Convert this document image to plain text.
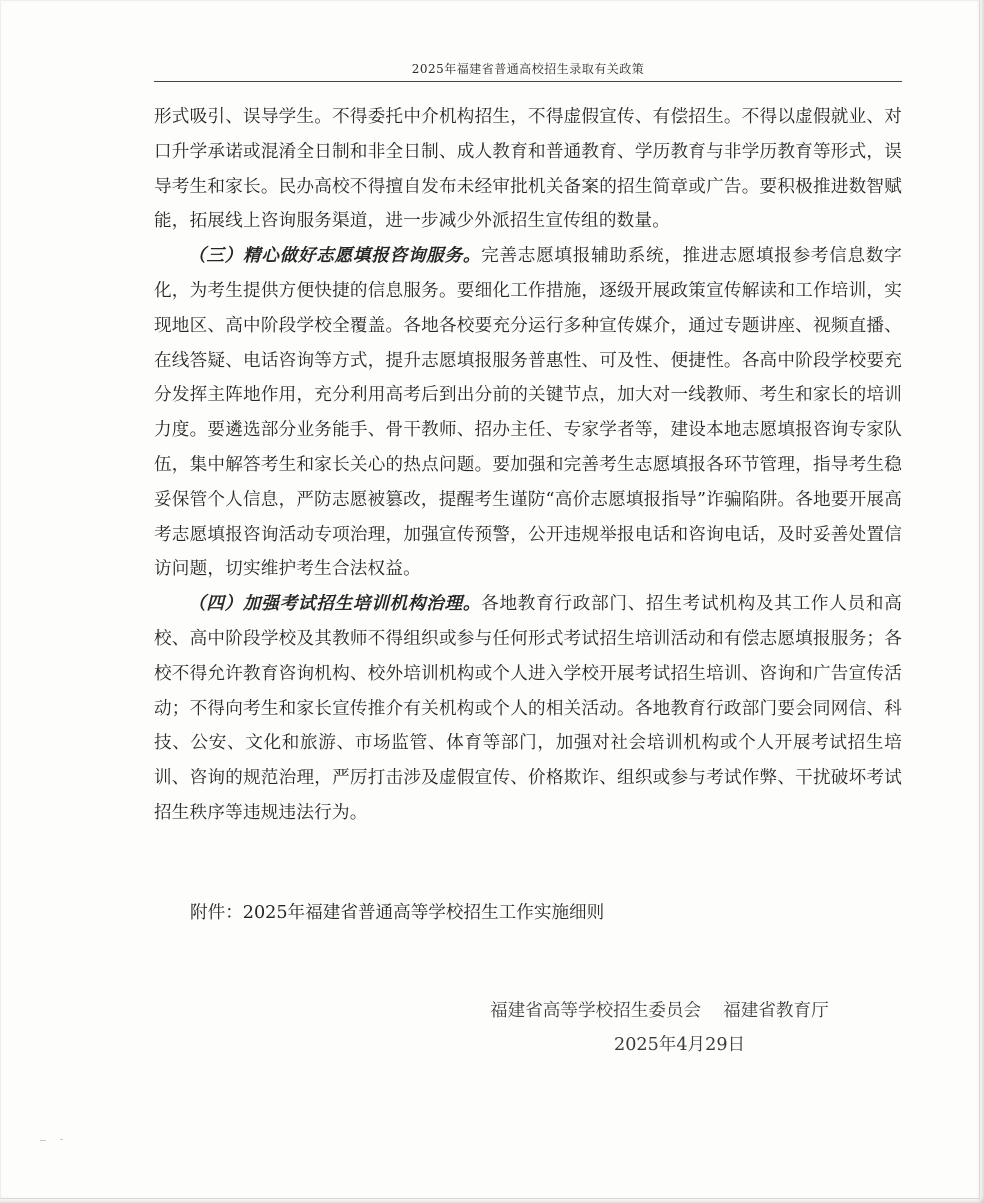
2025年福建省普通高校招生录取有关政策

形式吸引、误导学生。不得委托中介机构招生，不得虚假宣传、有偿招生。不得以虚假就业、对口升学承诺或混淆全日制和非全日制、成人教育和普通教育、学历教育与非学历教育等形式，误导考生和家长。民办高校不得擅自发布未经审批机关备案的招生简章或广告。要积极推进数智赋能，拓展线上咨询服务渠道，进一步减少外派招生宣传组的数量。

（三）精心做好志愿填报咨询服务。完善志愿填报辅助系统，推进志愿填报参考信息数字化，为考生提供方便快捷的信息服务。要细化工作措施，逐级开展政策宣传解读和工作培训，实现地区、高中阶段学校全覆盖。各地各校要充分运行多种宣传媒介，通过专题讲座、视频直播、在线答疑、电话咨询等方式，提升志愿填报服务普惠性、可及性、便捷性。各高中阶段学校要充分发挥主阵地作用，充分利用高考后到出分前的关键节点，加大对一线教师、考生和家长的培训力度。要遴选部分业务能手、骨干教师、招办主任、专家学者等，建设本地志愿填报咨询专家队伍，集中解答考生和家长关心的热点问题。要加强和完善考生志愿填报各环节管理，指导考生稳妥保管个人信息，严防志愿被篡改，提醒考生谨防“高价志愿填报指导”诈骗陷阱。各地要开展高考志愿填报咨询活动专项治理，加强宣传预警，公开违规举报电话和咨询电话，及时妥善处置信访问题，切实维护考生合法权益。

（四）加强考试招生培训机构治理。各地教育行政部门、招生考试机构及其工作人员和高校、高中阶段学校及其教师不得组织或参与任何形式考试招生培训活动和有偿志愿填报服务；各校不得允许教育咨询机构、校外培训机构或个人进入学校开展考试招生培训、咨询和广告宣传活动；不得向考生和家长宣传推介有关机构或个人的相关活动。各地教育行政部门要会同网信、科技、公安、文化和旅游、市场监管、体育等部门，加强对社会培训机构或个人开展考试招生培训、咨询的规范治理，严厉打击涉及虚假宣传、价格欺诈、组织或参与考试作弊、干扰破坏考试招生秩序等违规违法行为。

附件：2025年福建省普通高等学校招生工作实施细则
福建省高等学校招生委员会 福建省教育厅
2025年4月29日
